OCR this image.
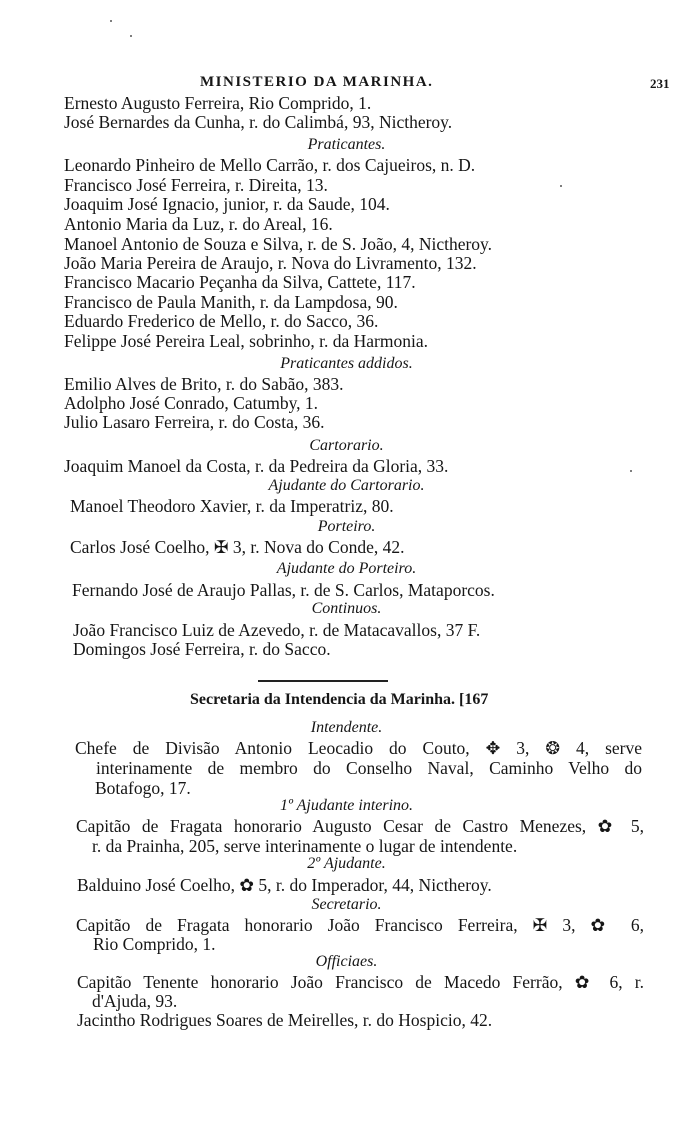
MINISTERIO DA MARINHA.	231
Ernesto Augusto Ferreira, Rio Comprido, 1.
José Bernardes da Cunha, r. do Calimbá, 93, Nictheroy.
Praticantes.
Leonardo Pinheiro de Mello Carrão, r. dos Cajueiros, n. D.
Francisco José Ferreira, r. Direita, 13.
Joaquim José Ignacio, junior, r. da Saude, 104.
Antonio Maria da Luz, r. do Areal, 16.
Manoel Antonio de Souza e Silva, r. de S. João, 4, Nictheroy.
João Maria Pereira de Araujo, r. Nova do Livramento, 132.
Francisco Macario Peçanha da Silva, Cattete, 117.
Francisco de Paula Manith, r. da Lampdosa, 90.
Eduardo Frederico de Mello, r. do Sacco, 36.
Felippe José Pereira Leal, sobrinho, r. da Harmonia.
Praticantes addidos.
Emilio Alves de Brito, r. do Sabão, 383.
Adolpho José Conrado, Catumby, 1.
Julio Lasaro Ferreira, r. do Costa, 36.
Cartorario.
Joaquim Manoel da Costa, r. da Pedreira da Gloria, 33.
Ajudante do Cartorario.
Manoel Theodoro Xavier, r. da Imperatriz, 80.
Porteiro.
Carlos José Coelho, ✠ 3, r. Nova do Conde, 42.
Ajudante do Porteiro.
Fernando José de Araujo Pallas, r. de S. Carlos, Mataporcos.
Continuos.
João Francisco Luiz de Azevedo, r. de Matacavallos, 37 F.
Domingos José Ferreira, r. do Sacco.
Secretaria da Intendencia da Marinha. [167
Intendente.
Chefe de Divisão Antonio Leocadio do Couto, ✥ 3, ❂ 4, serve
interinamente de membro do Conselho Naval, Caminho Velho do
Botafogo, 17.
1º Ajudante interino.
Capitão de Fragata honorario Augusto Cesar de Castro Menezes, ✿ 5,
r. da Prainha, 205, serve interinamente o lugar de intendente.
2º Ajudante.
Balduino José Coelho, ✿ 5, r. do Imperador, 44, Nictheroy.
Secretario.
Capitão de Fragata honorario João Francisco Ferreira, ✠ 3, ✿ 6,
Rio Comprido, 1.
Officiaes.
Capitão Tenente honorario João Francisco de Macedo Ferrão, ✿ 6, r.
d'Ajuda, 93.
Jacintho Rodrigues Soares de Meirelles, r. do Hospicio, 42.
